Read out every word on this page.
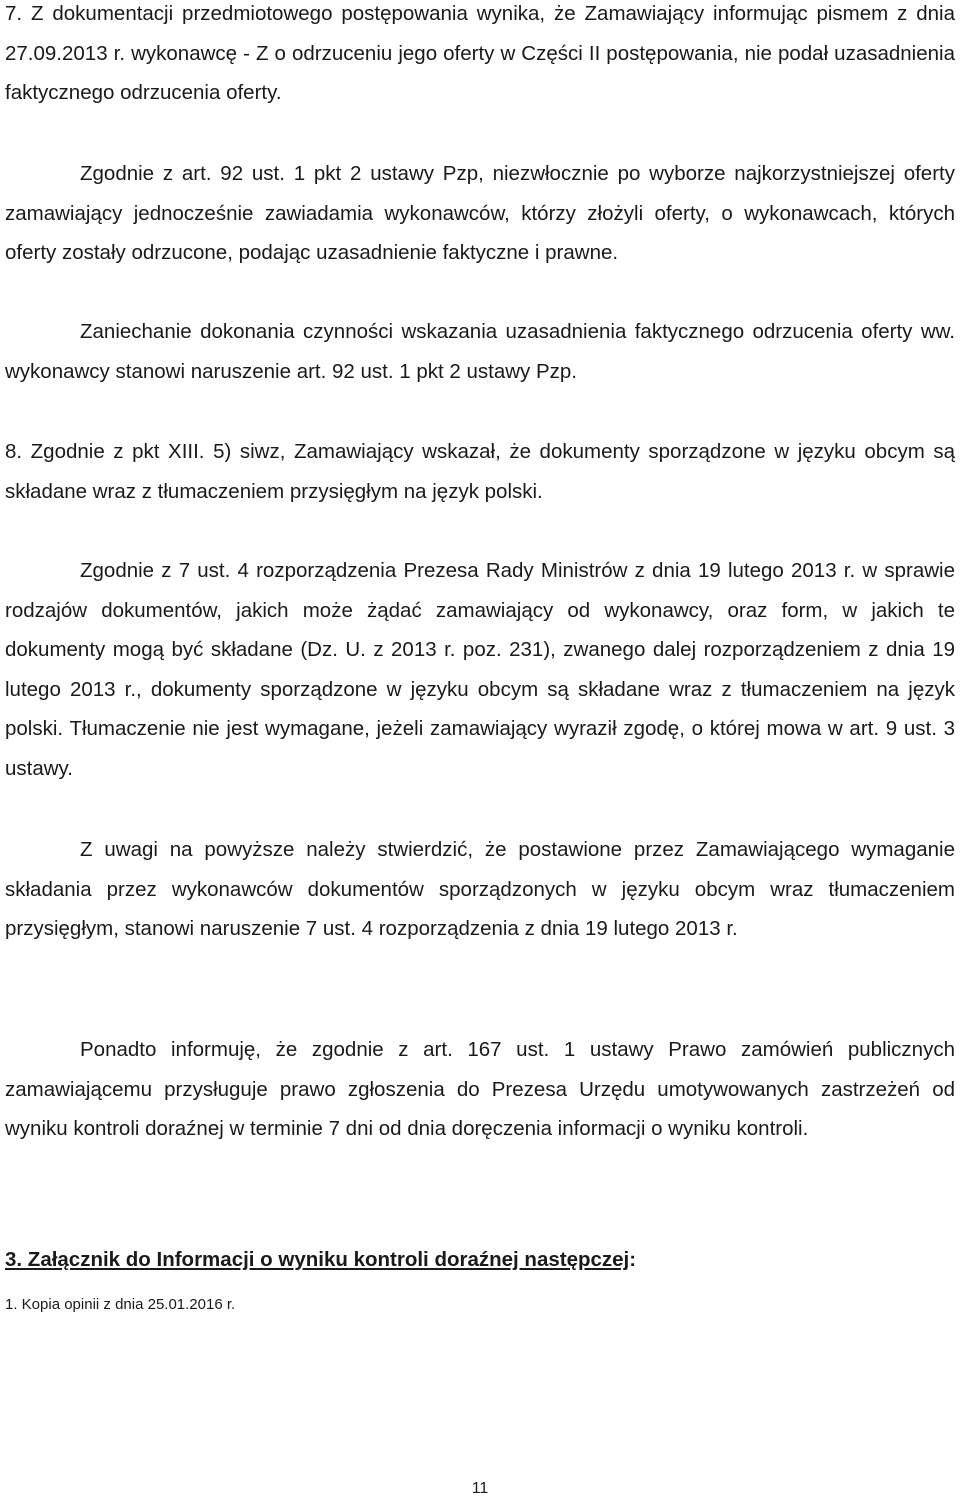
7. Z dokumentacji przedmiotowego postępowania wynika, że Zamawiający informując pismem z dnia 27.09.2013 r. wykonawcę - Z o odrzuceniu jego oferty w Części II postępowania, nie podał uzasadnienia faktycznego odrzucenia oferty.

Zgodnie z art. 92 ust. 1 pkt 2 ustawy Pzp, niezwłocznie po wyborze najkorzystniejszej oferty zamawiający jednocześnie zawiadamia wykonawców, którzy złożyli oferty, o wykonawcach, których oferty zostały odrzucone, podając uzasadnienie faktyczne i prawne.

Zaniechanie dokonania czynności wskazania uzasadnienia faktycznego odrzucenia oferty ww. wykonawcy stanowi naruszenie art. 92 ust. 1 pkt 2 ustawy Pzp.

8. Zgodnie z pkt XIII. 5) siwz, Zamawiający wskazał, że dokumenty sporządzone w języku obcym są składane wraz z tłumaczeniem przysięgłym na język polski.

Zgodnie z 7 ust. 4 rozporządzenia Prezesa Rady Ministrów z dnia 19 lutego 2013 r. w sprawie rodzajów dokumentów, jakich może żądać zamawiający od wykonawcy, oraz form, w jakich te dokumenty mogą być składane (Dz. U. z 2013 r. poz. 231), zwanego dalej rozporządzeniem z dnia 19 lutego 2013 r., dokumenty sporządzone w języku obcym są składane wraz z tłumaczeniem na język polski. Tłumaczenie nie jest wymagane, jeżeli zamawiający wyraził zgodę, o której mowa w art. 9 ust. 3 ustawy.

Z uwagi na powyższe należy stwierdzić, że postawione przez Zamawiającego wymaganie składania przez wykonawców dokumentów sporządzonych w języku obcym wraz tłumaczeniem przysięgłym, stanowi naruszenie 7 ust. 4 rozporządzenia z dnia 19 lutego 2013 r.

Ponadto informuję, że zgodnie z art. 167 ust. 1 ustawy Prawo zamówień publicznych zamawiającemu przysługuje prawo zgłoszenia do Prezesa Urzędu umotywowanych zastrzeżeń od wyniku kontroli doraźnej w terminie 7 dni od dnia doręczenia informacji o wyniku kontroli.

3. Załącznik do Informacji o wyniku kontroli doraźnej następczej:

1. Kopia opinii z dnia 25.01.2016 r.

11
